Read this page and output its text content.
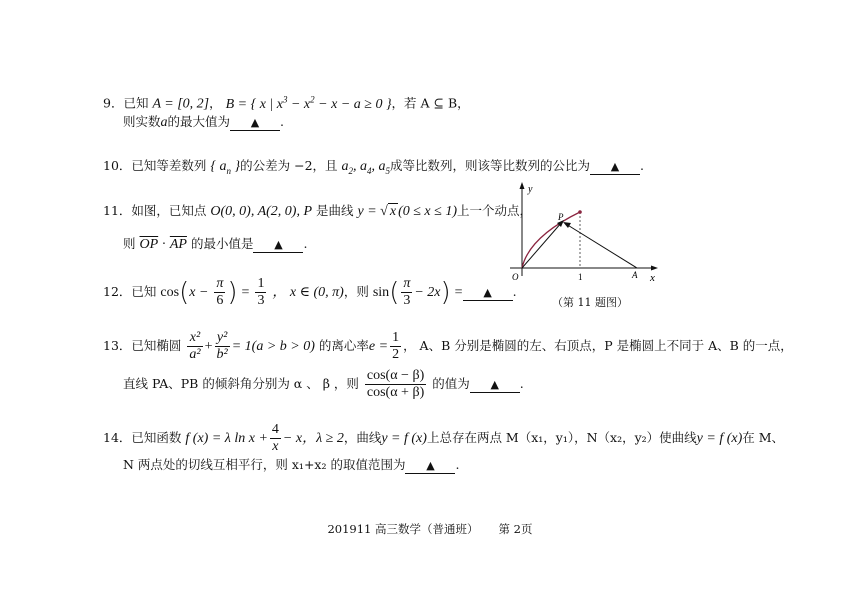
9．已知 A = [0, 2]， B = { x | $x^3 - x^2 - x - a \ge 0$ }，若 A ⊆ B，
则实数a的最大值为 ▲ .
10．已知等差数列 { $a_n$ }的公差为 −2，且 $a_2$, $a_4$, $a_5$成等比数列，则该等比数列的公比为 ▲ .
11．如图，已知点 O(0, 0), A(2, 0), P 是曲线 y = √ x (0 ≤ x ≤ 1)上一个动点，
则 $\overline{OP} \cdot \overline{AP}$ 的最小值是 ▲ .
y
x
O
P
1	A
（第 11 题图）
12．已知 $\cos(x - \frac{\pi}{6}$ ) = $\frac{1}{3}$ ， x ∈ (0, π)，则 $\sin( \frac{\pi}{3} - 2x)$ = ▲ .
13．已知椭圆 $\frac{\text{x²}}{\text{a²}} + \frac{\text{y²}}{\text{b²}} = 1(a > b > 0)$ 的离心率$e = \frac{1}{2}$ ， A、B 分别是椭圆的左、右顶点，P 是椭圆上不同于 A、B 的一点，
直线 PA、PB 的倾斜角分别为 α 、 β ，则 $\frac{\cos(\alpha - \beta)}{\cos(\alpha + \beta)}$ 的值为 ▲ .
14．已知函数 f (x) = λ $\ln x + \frac{4}{x} - x$，λ ≥ 2，曲线y = f (x)上总存在两点 M（x₁，y₁），N（x₂，y₂）使曲线y = f (x)在 M、
N 两点处的切线互相平行，则 x₁+x₂ 的取值范围为 ▲ .
201911 高三数学（普通班） 第 2页
